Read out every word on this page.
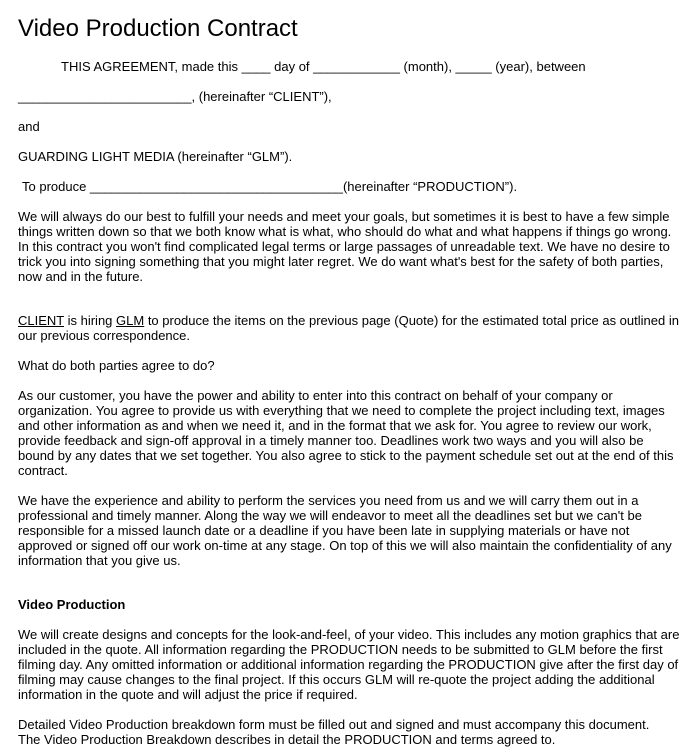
Video Production Contract

THIS AGREEMENT, made this ____ day of ____________ (month), _____ (year), between

________________________, (hereinafter “CLIENT”),

and

GUARDING LIGHT MEDIA (hereinafter “GLM”).

To produce ___________________________________(hereinafter “PRODUCTION”).

We will always do our best to fulfill your needs and meet your goals, but sometimes it is best to have a few simple things written down so that we both know what is what, who should do what and what happens if things go wrong. In this contract you won't find complicated legal terms or large passages of unreadable text. We have no desire to trick you into signing something that you might later regret. We do want what's best for the safety of both parties, now and in the future.

CLIENT is hiring GLM to produce the items on the previous page (Quote) for the estimated total price as outlined in our previous correspondence.

What do both parties agree to do?

As our customer, you have the power and ability to enter into this contract on behalf of your company or organization. You agree to provide us with everything that we need to complete the project including text, images and other information as and when we need it, and in the format that we ask for. You agree to review our work, provide feedback and sign-off approval in a timely manner too. Deadlines work two ways and you will also be bound by any dates that we set together. You also agree to stick to the payment schedule set out at the end of this contract.

We have the experience and ability to perform the services you need from us and we will carry them out in a professional and timely manner. Along the way we will endeavor to meet all the deadlines set but we can't be responsible for a missed launch date or a deadline if you have been late in supplying materials or have not approved or signed off our work on-time at any stage. On top of this we will also maintain the confidentiality of any information that you give us.

Video Production

We will create designs and concepts for the look-and-feel, of your video. This includes any motion graphics that are included in the quote. All information regarding the PRODUCTION needs to be submitted to GLM before the first filming day. Any omitted information or additional information regarding the PRODUCTION give after the first day of filming may cause changes to the final project. If this occurs GLM will re-quote the project adding the additional information in the quote and will adjust the price if required.

Detailed Video Production breakdown form must be filled out and signed and must accompany this document.

The Video Production Breakdown describes in detail the PRODUCTION and terms agreed to.
